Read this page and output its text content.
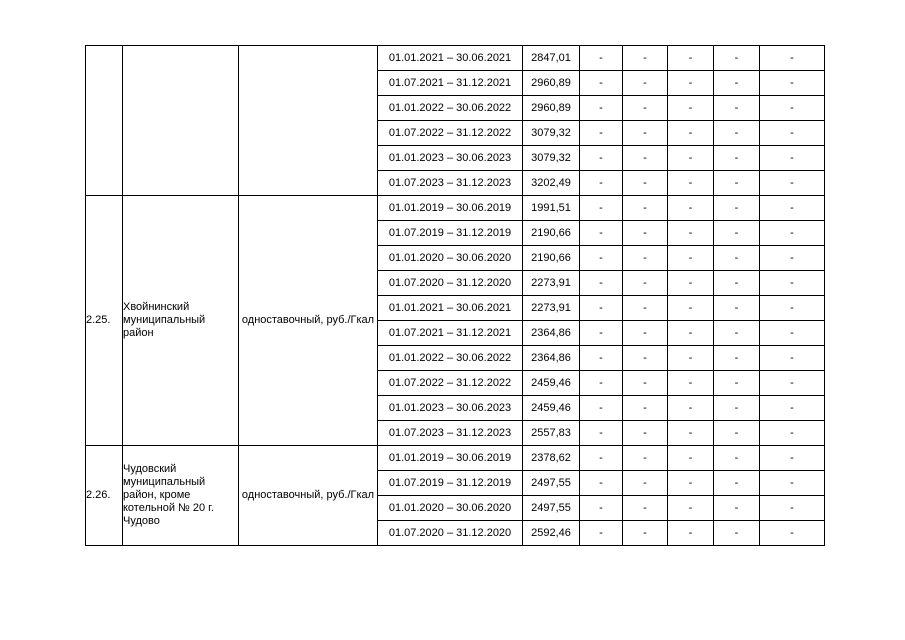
			01.01.2021 – 30.06.2021	2847,01	-	-	-	-	-
			01.07.2021 – 31.12.2021	2960,89	-	-	-	-	-
			01.01.2022 – 30.06.2022	2960,89	-	-	-	-	-
			01.07.2022 – 31.12.2022	3079,32	-	-	-	-	-
			01.01.2023 – 30.06.2023	3079,32	-	-	-	-	-
			01.07.2023 – 31.12.2023	3202,49	-	-	-	-	-
2.25.	Хвойнинский муниципальный район	одноставочный, руб./Гкал	01.01.2019 – 30.06.2019	1991,51	-	-	-	-	-
			01.07.2019 – 31.12.2019	2190,66	-	-	-	-	-
			01.01.2020 – 30.06.2020	2190,66	-	-	-	-	-
			01.07.2020 – 31.12.2020	2273,91	-	-	-	-	-
			01.01.2021 – 30.06.2021	2273,91	-	-	-	-	-
			01.07.2021 – 31.12.2021	2364,86	-	-	-	-	-
			01.01.2022 – 30.06.2022	2364,86	-	-	-	-	-
			01.07.2022 – 31.12.2022	2459,46	-	-	-	-	-
			01.01.2023 – 30.06.2023	2459,46	-	-	-	-	-
			01.07.2023 – 31.12.2023	2557,83	-	-	-	-	-
2.26.	Чудовский муниципальный район, кроме котельной № 20 г. Чудово	одноставочный, руб./Гкал	01.01.2019 – 30.06.2019	2378,62	-	-	-	-	-
			01.07.2019 – 31.12.2019	2497,55	-	-	-	-	-
			01.01.2020 – 30.06.2020	2497,55	-	-	-	-	-
			01.07.2020 – 31.12.2020	2592,46	-	-	-	-	-
